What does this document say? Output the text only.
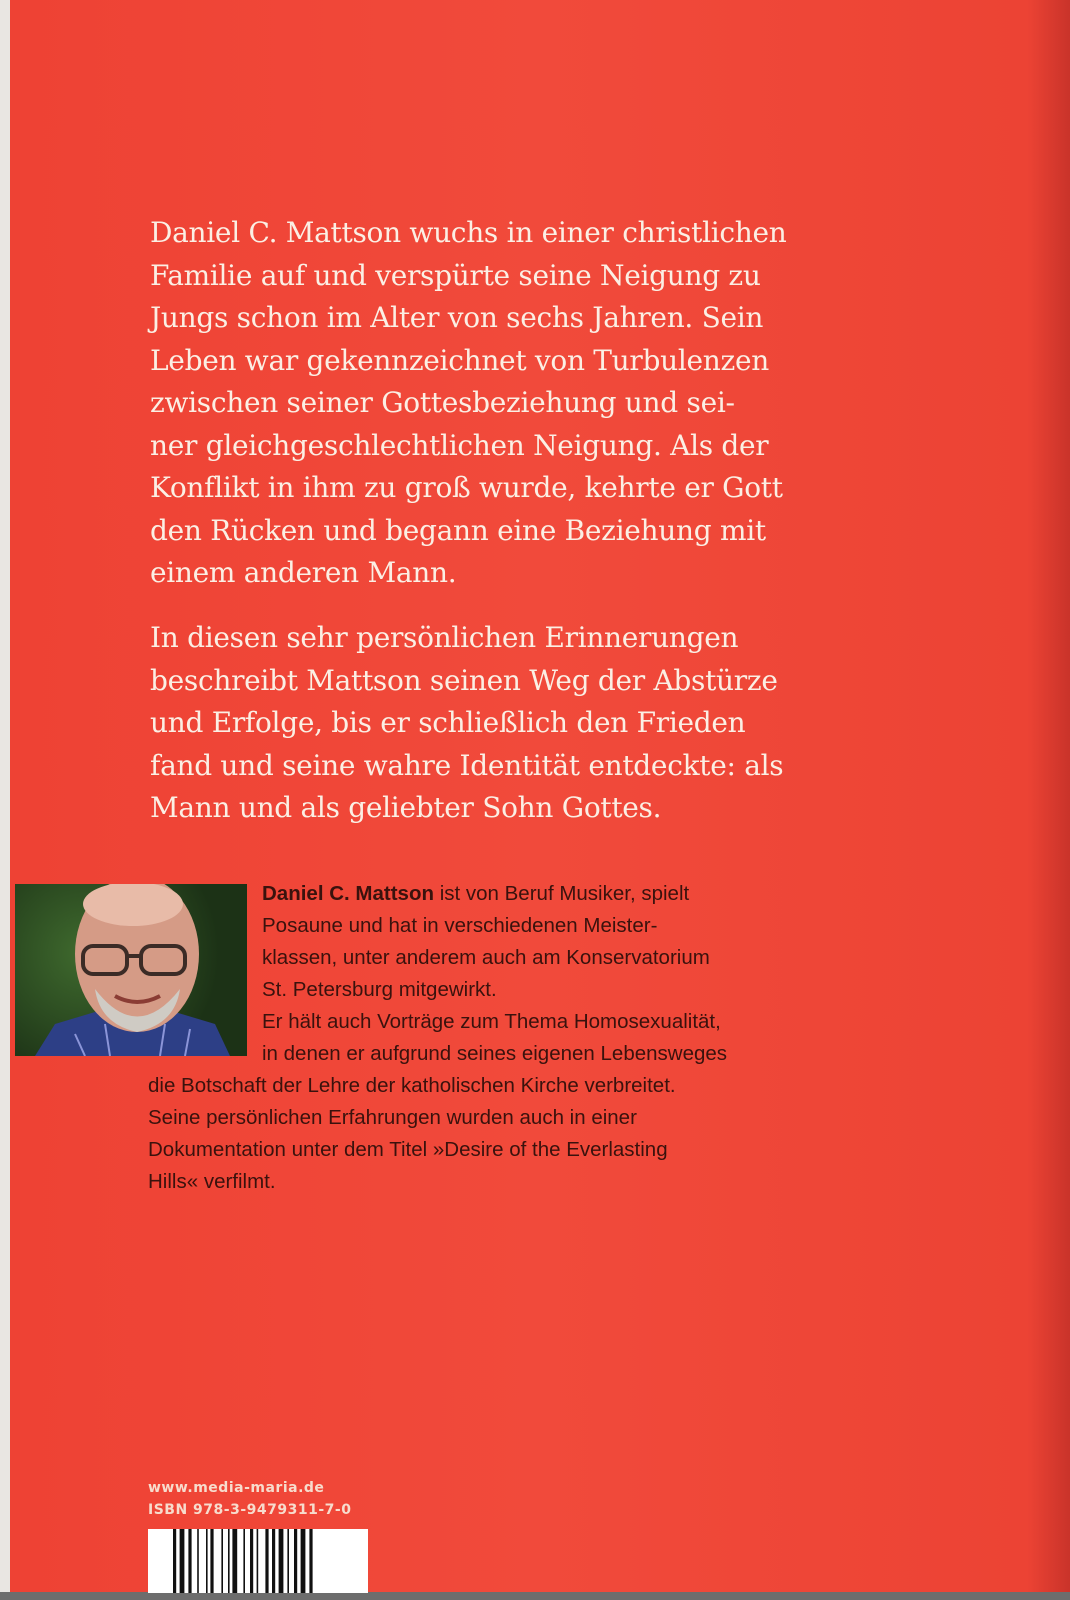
Daniel C. Mattson wuchs in einer christlichen
Familie auf und verspürte seine Neigung zu
Jungs schon im Alter von sechs Jahren. Sein
Leben war gekennzeichnet von Turbulenzen
zwischen seiner Gottesbeziehung und sei-
ner gleichgeschlechtlichen Neigung. Als der
Konflikt in ihm zu groß wurde, kehrte er Gott
den Rücken und begann eine Beziehung mit
einem anderen Mann.
In diesen sehr persönlichen Erinnerungen
beschreibt Mattson seinen Weg der Abstürze
und Erfolge, bis er schließlich den Frieden
fand und seine wahre Identität entdeckte: als
Mann und als geliebter Sohn Gottes.
Daniel C. Mattson ist von Beruf Musiker, spielt
Posaune und hat in verschiedenen Meister-
klassen, unter anderem auch am Konservatorium
St. Petersburg mitgewirkt.
Er hält auch Vorträge zum Thema Homosexualität,
in denen er aufgrund seines eigenen Lebensweges
die Botschaft der Lehre der katholischen Kirche verbreitet.
Seine persönlichen Erfahrungen wurden auch in einer
Dokumentation unter dem Titel »Desire of the Everlasting
Hills« verfilmt.
www.media-maria.de
ISBN 978-3-9479311-7-0
